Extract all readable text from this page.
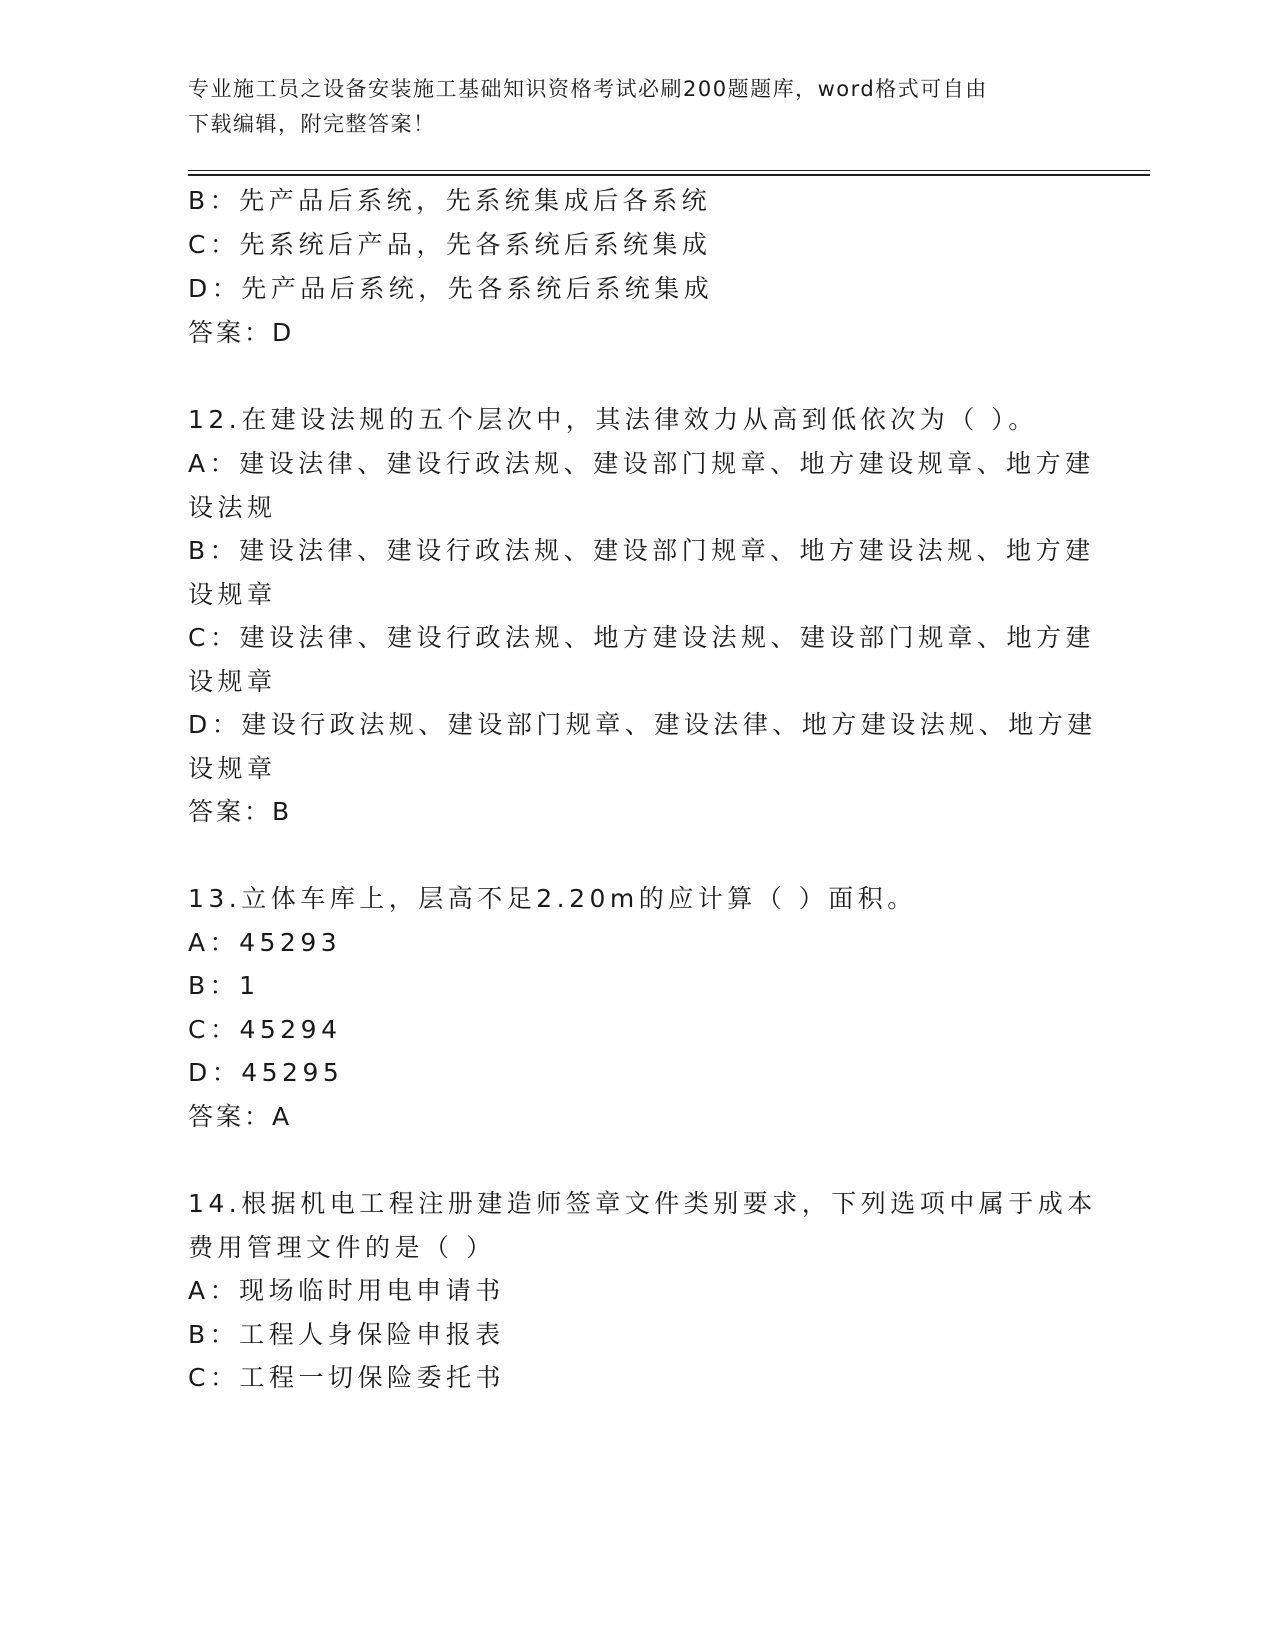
专业施工员之设备安装施工基础知识资格考试必刷200题题库，word格式可自由
下载编辑，附完整答案！
B：先产品后系统，先系统集成后各系统
C：先系统后产品，先各系统后系统集成
D：先产品后系统，先各系统后系统集成
答案：D
12.在建设法规的五个层次中，其法律效力从高到低依次为（ ）。
A：建设法律、建设行政法规、建设部门规章、地方建设规章、地方建
设法规
B：建设法律、建设行政法规、建设部门规章、地方建设法规、地方建
设规章
C：建设法律、建设行政法规、地方建设法规、建设部门规章、地方建
设规章
D：建设行政法规、建设部门规章、建设法律、地方建设法规、地方建
设规章
答案：B
13.立体车库上，层高不足2.20m的应计算（ ）面积。
A：45293
B：1
C：45294
D：45295
答案：A
14.根据机电工程注册建造师签章文件类别要求，下列选项中属于成本
费用管理文件的是（ ）
A：现场临时用电申请书
B：工程人身保险申报表
C：工程一切保险委托书
